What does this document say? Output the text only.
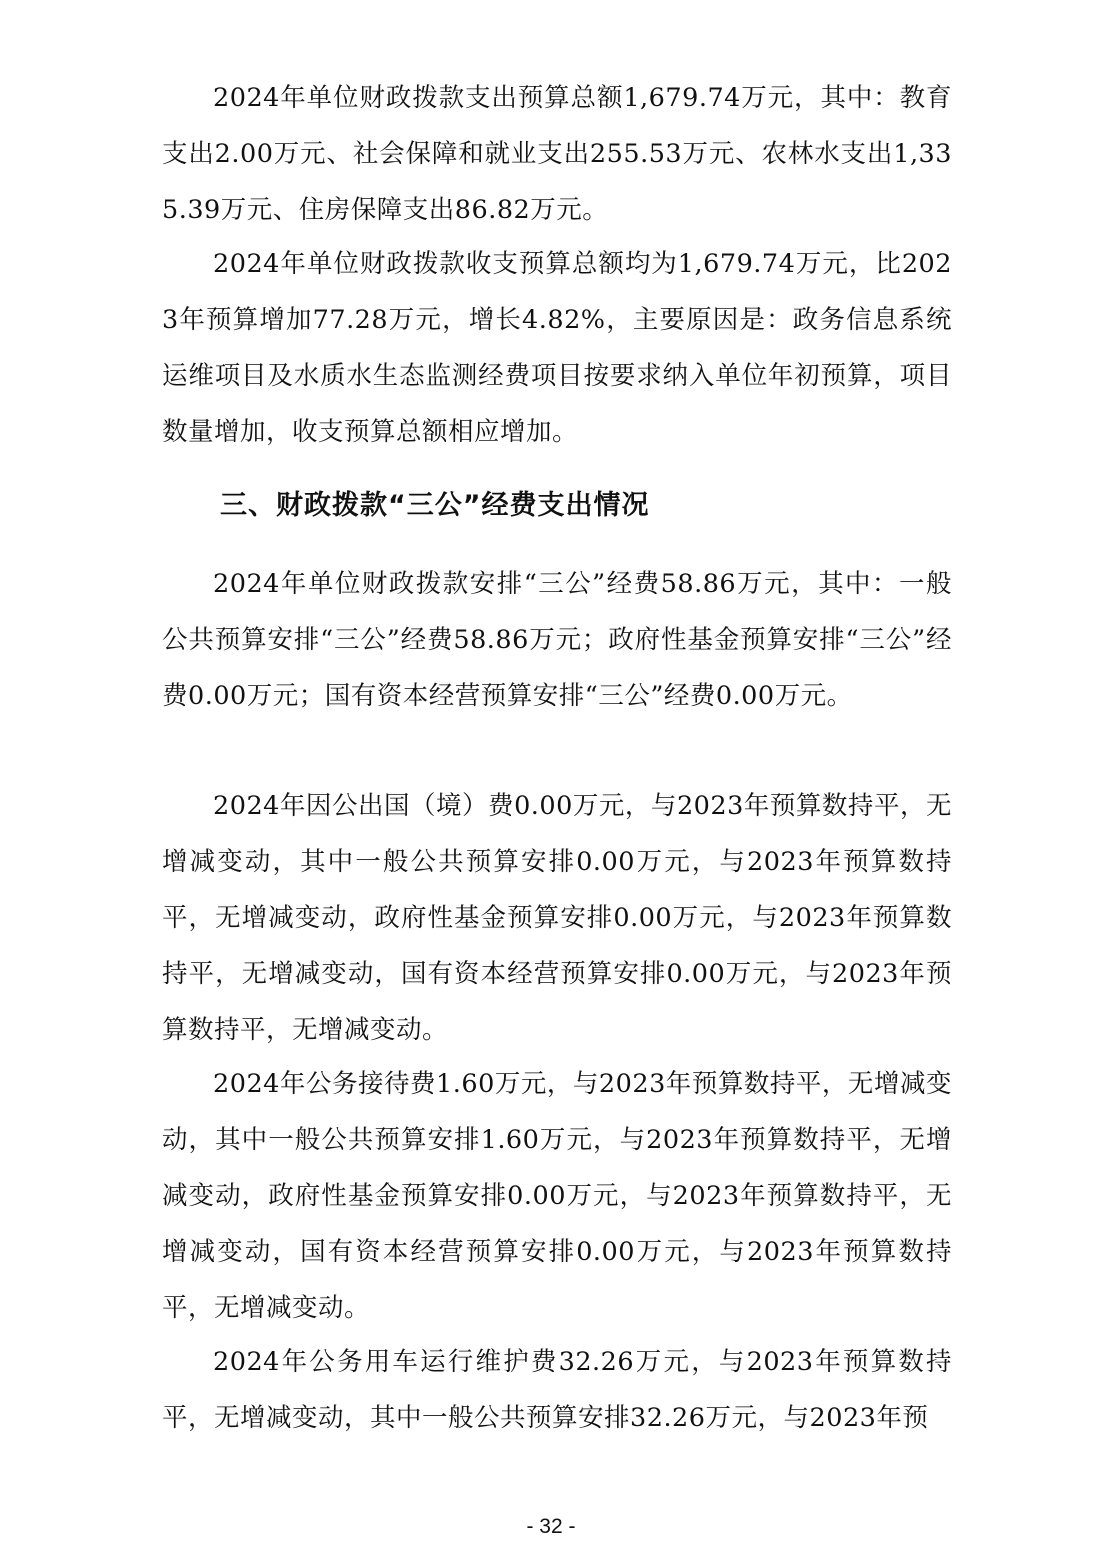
2024年单位财政拨款支出预算总额1,679.74万元，其中：教育支出2.00万元、社会保障和就业支出255.53万元、农林水支出1,335.39万元、住房保障支出86.82万元。

2024年单位财政拨款收支预算总额均为1,679.74万元，比2023年预算增加77.28万元，增长4.82%，主要原因是：政务信息系统运维项目及水质水生态监测经费项目按要求纳入单位年初预算，项目数量增加，收支预算总额相应增加。

三、财政拨款“三公”经费支出情况

2024年单位财政拨款安排“三公”经费58.86万元，其中：一般公共预算安排“三公”经费58.86万元；政府性基金预算安排“三公”经费0.00万元；国有资本经营预算安排“三公”经费0.00万元。

2024年因公出国（境）费0.00万元，与2023年预算数持平，无增减变动，其中一般公共预算安排0.00万元，与2023年预算数持平，无增减变动，政府性基金预算安排0.00万元，与2023年预算数持平，无增减变动，国有资本经营预算安排0.00万元，与2023年预算数持平，无增减变动。

2024年公务接待费1.60万元，与2023年预算数持平，无增减变动，其中一般公共预算安排1.60万元，与2023年预算数持平，无增减变动，政府性基金预算安排0.00万元，与2023年预算数持平，无增减变动，国有资本经营预算安排0.00万元，与2023年预算数持平，无增减变动。

2024年公务用车运行维护费32.26万元，与2023年预算数持平，无增减变动，其中一般公共预算安排32.26万元，与2023年预

- 32 -
